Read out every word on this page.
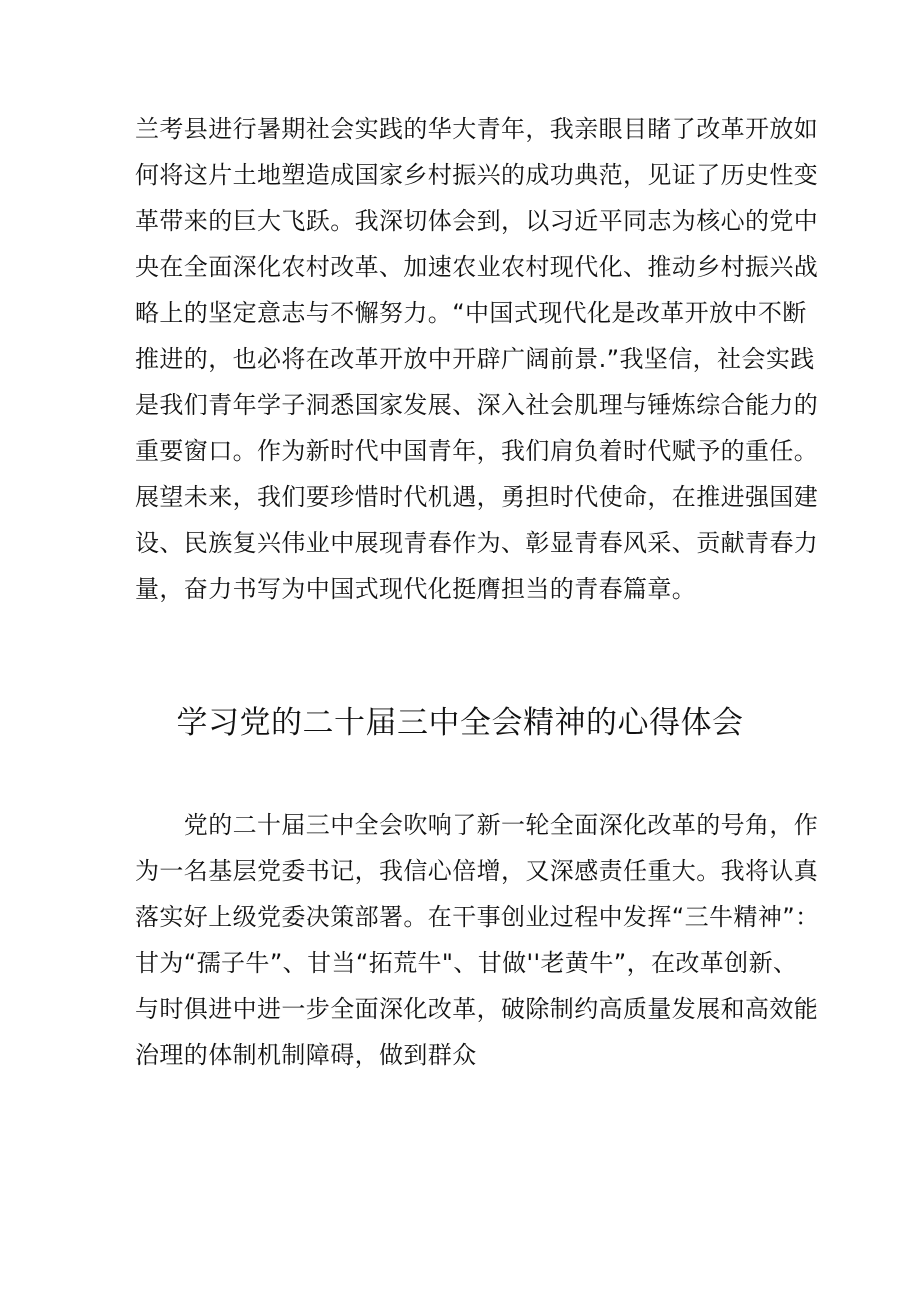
兰考县进行暑期社会实践的华大青年，我亲眼目睹了改革开放如
何将这片土地塑造成国家乡村振兴的成功典范，见证了历史性变
革带来的巨大飞跃。我深切体会到，以习近平同志为核心的党中
央在全面深化农村改革、加速农业农村现代化、推动乡村振兴战
略上的坚定意志与不懈努力。“中国式现代化是改革开放中不断
推进的，也必将在改革开放中开辟广阔前景.”我坚信，社会实践
是我们青年学子洞悉国家发展、深入社会肌理与锤炼综合能力的
重要窗口。作为新时代中国青年，我们肩负着时代赋予的重任。
展望未来，我们要珍惜时代机遇，勇担时代使命，在推进强国建
设、民族复兴伟业中展现青春作为、彰显青春风采、贡献青春力
量，奋力书写为中国式现代化挺膺担当的青春篇章。
学习党的二十届三中全会精神的心得体会
　　党的二十届三中全会吹响了新一轮全面深化改革的号角，作
为一名基层党委书记，我信心倍增，又深感责任重大。我将认真
落实好上级党委决策部署。在干事创业过程中发挥“三牛精神”：
甘为“孺子牛”、甘当“拓荒牛"、甘做''老黄牛”，在改革创新、
与时俱进中进一步全面深化改革，破除制约高质量发展和高效能
治理的体制机制障碍，做到群众
